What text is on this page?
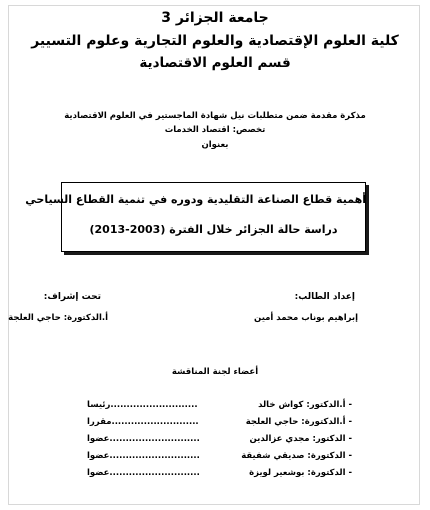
جامعة الجزائر 3
كلية العلوم الإقتصادية والعلوم التجارية وعلوم التسيير
قسم العلوم الاقتصادية
مذكرة مقدمة ضمن متطلبات نيل شهادة الماجستير في العلوم الاقتصادية
تخصص: اقتصاد الخدمات
بعنوان
أهمية قطاع الصناعة التقليدية ودوره في تنمية القطاع السياحي
دراسة حالة الجزائر خلال الفترة (2003-2013)
إعداد الطالب:
تحت إشراف:
إبراهيم بوناب محمد أمين
أ.الدكتورة: حاجي العلجة
أعضاء لجنة المناقشة
- أ.الدكتور: كواش خالد
...........................رئيسا
- أ.الدكتورة: حاجي العلجة
...........................مقررا
- الدكتور: مجدي عزالدين
............................عضوا
- الدكتورة: صديقي شفيقة
............................عضوا
- الدكتورة: بوشعير لويزة
............................عضوا
